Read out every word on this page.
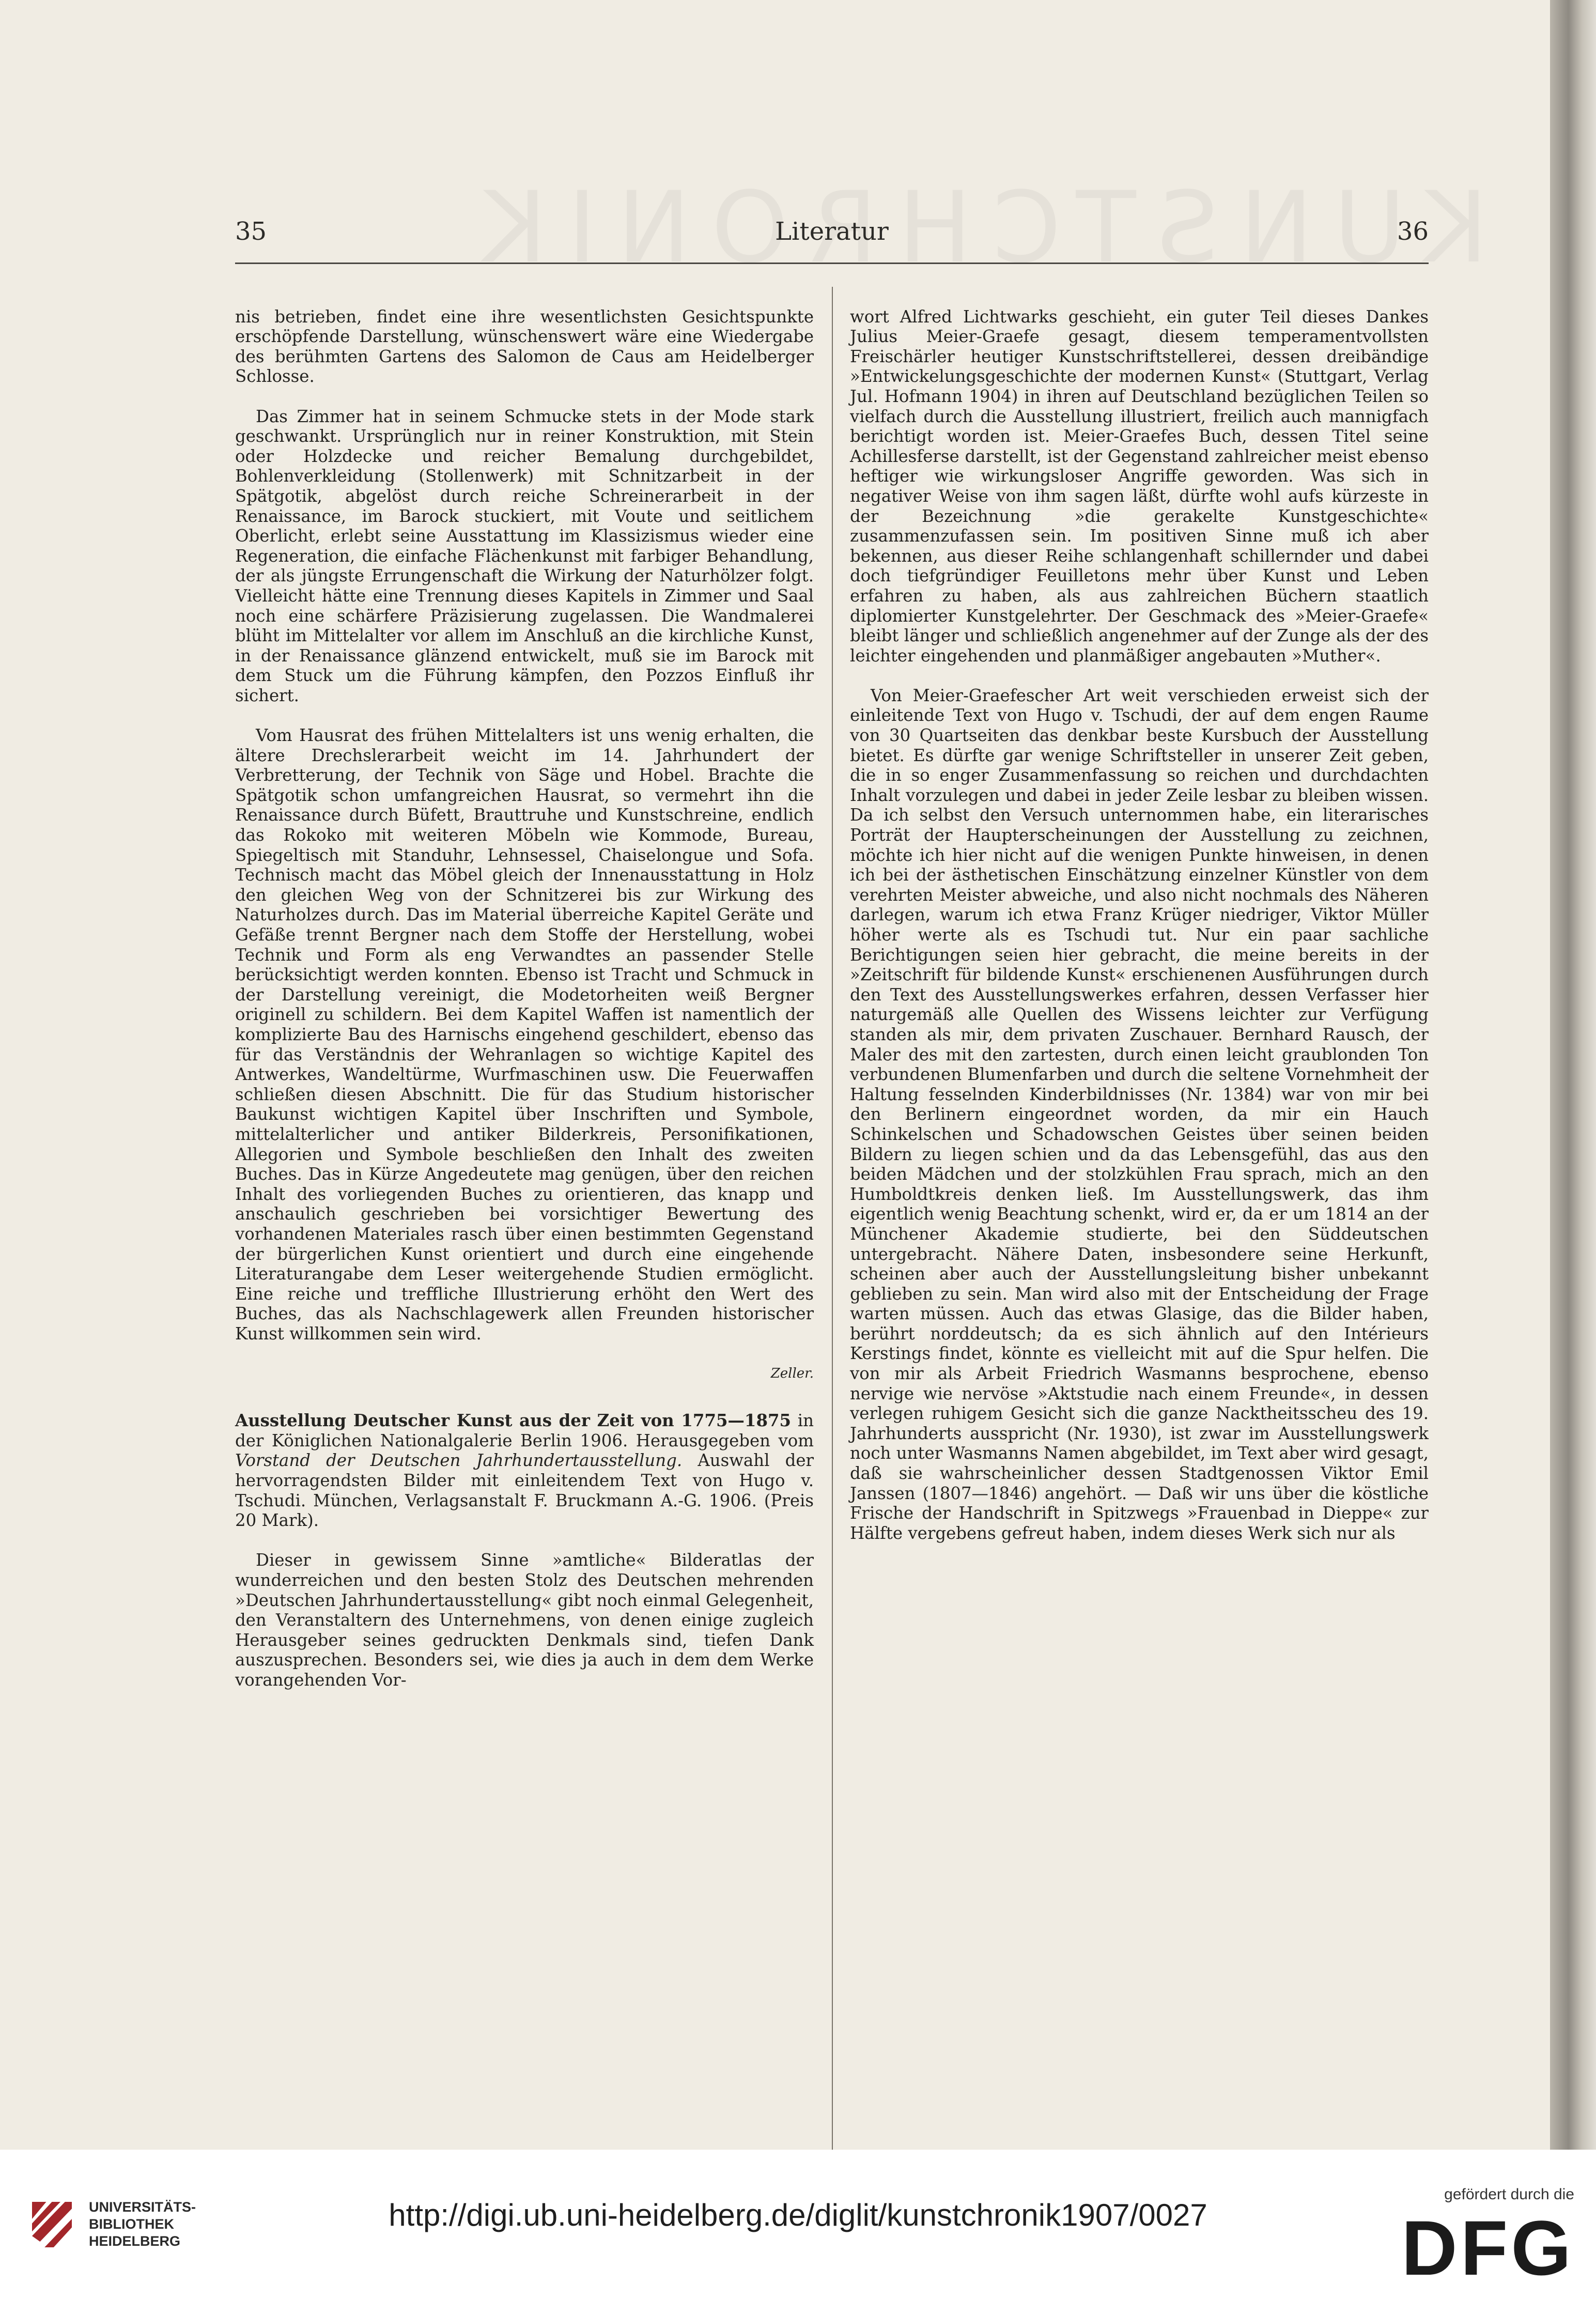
35	Literatur	36

nis betrieben, findet eine ihre wesentlichsten Gesichtspunkte erschöpfende Darstellung, wünschenswert wäre eine Wiedergabe des berühmten Gartens des Salomon de Caus am Heidelberger Schlosse.

Das Zimmer hat in seinem Schmucke stets in der Mode stark geschwankt. Ursprünglich nur in reiner Konstruktion, mit Stein oder Holzdecke und reicher Bemalung durchgebildet, Bohlenverkleidung (Stollenwerk) mit Schnitzarbeit in der Spätgotik, abgelöst durch reiche Schreinerarbeit in der Renaissance, im Barock stuckiert, mit Voute und seitlichem Oberlicht, erlebt seine Ausstattung im Klassizismus wieder eine Regeneration, die einfache Flächenkunst mit farbiger Behandlung, der als jüngste Errungenschaft die Wirkung der Naturhölzer folgt. Vielleicht hätte eine Trennung dieses Kapitels in Zimmer und Saal noch eine schärfere Präzisierung zugelassen. Die Wandmalerei blüht im Mittelalter vor allem im Anschluß an die kirchliche Kunst, in der Renaissance glänzend entwickelt, muß sie im Barock mit dem Stuck um die Führung kämpfen, den Pozzos Einfluß ihr sichert.

Vom Hausrat des frühen Mittelalters ist uns wenig erhalten, die ältere Drechslerarbeit weicht im 14. Jahrhundert der Verbretterung, der Technik von Säge und Hobel. Brachte die Spätgotik schon umfangreichen Hausrat, so vermehrt ihn die Renaissance durch Büfett, Brauttruhe und Kunstschreine, endlich das Rokoko mit weiteren Möbeln wie Kommode, Bureau, Spiegeltisch mit Standuhr, Lehnsessel, Chaiselongue und Sofa. Technisch macht das Möbel gleich der Innenausstattung in Holz den gleichen Weg von der Schnitzerei bis zur Wirkung des Naturholzes durch. Das im Material überreiche Kapitel Geräte und Gefäße trennt Bergner nach dem Stoffe der Herstellung, wobei Technik und Form als eng Verwandtes an passender Stelle berücksichtigt werden konnten. Ebenso ist Tracht und Schmuck in der Darstellung vereinigt, die Modetorheiten weiß Bergner originell zu schildern. Bei dem Kapitel Waffen ist namentlich der komplizierte Bau des Harnischs eingehend geschildert, ebenso das für das Verständnis der Wehranlagen so wichtige Kapitel des Antwerkes, Wandeltürme, Wurfmaschinen usw. Die Feuerwaffen schließen diesen Abschnitt. Die für das Studium historischer Baukunst wichtigen Kapitel über Inschriften und Symbole, mittelalterlicher und antiker Bilderkreis, Personifikationen, Allegorien und Symbole beschließen den Inhalt des zweiten Buches. Das in Kürze Angedeutete mag genügen, über den reichen Inhalt des vorliegenden Buches zu orientieren, das knapp und anschaulich geschrieben bei vorsichtiger Bewertung des vorhandenen Materiales rasch über einen bestimmten Gegenstand der bürgerlichen Kunst orientiert und durch eine eingehende Literaturangabe dem Leser weitergehende Studien ermöglicht. Eine reiche und treffliche Illustrierung erhöht den Wert des Buches, das als Nachschlagewerk allen Freunden historischer Kunst willkommen sein wird.

Zeller.

Ausstellung Deutscher Kunst aus der Zeit von 1775—1875 in der Königlichen Nationalgalerie Berlin 1906. Herausgegeben vom Vorstand der Deutschen Jahrhundertausstellung. Auswahl der hervorragendsten Bilder mit einleitendem Text von Hugo v. Tschudi. München, Verlagsanstalt F. Bruckmann A.-G. 1906. (Preis 20 Mark).

Dieser in gewissem Sinne »amtliche« Bilderatlas der wunderreichen und den besten Stolz des Deutschen mehrenden »Deutschen Jahrhundertausstellung« gibt noch einmal Gelegenheit, den Veranstaltern des Unternehmens, von denen einige zugleich Herausgeber seines gedruckten Denkmals sind, tiefen Dank auszusprechen. Besonders sei, wie dies ja auch in dem dem Werke vorangehenden Vor-

wort Alfred Lichtwarks geschieht, ein guter Teil dieses Dankes Julius Meier-Graefe gesagt, diesem temperamentvollsten Freischärler heutiger Kunstschriftstellerei, dessen dreibändige »Entwickelungsgeschichte der modernen Kunst« (Stuttgart, Verlag Jul. Hofmann 1904) in ihren auf Deutschland bezüglichen Teilen so vielfach durch die Ausstellung illustriert, freilich auch mannigfach berichtigt worden ist. Meier-Graefes Buch, dessen Titel seine Achillesferse darstellt, ist der Gegenstand zahlreicher meist ebenso heftiger wie wirkungsloser Angriffe geworden. Was sich in negativer Weise von ihm sagen läßt, dürfte wohl aufs kürzeste in der Bezeichnung »die gerakelte Kunstgeschichte« zusammenzufassen sein. Im positiven Sinne muß ich aber bekennen, aus dieser Reihe schlangenhaft schillernder und dabei doch tiefgründiger Feuilletons mehr über Kunst und Leben erfahren zu haben, als aus zahlreichen Büchern staatlich diplomierter Kunstgelehrter. Der Geschmack des »Meier-Graefe« bleibt länger und schließlich angenehmer auf der Zunge als der des leichter eingehenden und planmäßiger angebauten »Muther«.

Von Meier-Graefescher Art weit verschieden erweist sich der einleitende Text von Hugo v. Tschudi, der auf dem engen Raume von 30 Quartseiten das denkbar beste Kursbuch der Ausstellung bietet. Es dürfte gar wenige Schriftsteller in unserer Zeit geben, die in so enger Zusammenfassung so reichen und durchdachten Inhalt vorzulegen und dabei in jeder Zeile lesbar zu bleiben wissen. Da ich selbst den Versuch unternommen habe, ein literarisches Porträt der Haupterscheinungen der Ausstellung zu zeichnen, möchte ich hier nicht auf die wenigen Punkte hinweisen, in denen ich bei der ästhetischen Einschätzung einzelner Künstler von dem verehrten Meister abweiche, und also nicht nochmals des Näheren darlegen, warum ich etwa Franz Krüger niedriger, Viktor Müller höher werte als es Tschudi tut. Nur ein paar sachliche Berichtigungen seien hier gebracht, die meine bereits in der »Zeitschrift für bildende Kunst« erschienenen Ausführungen durch den Text des Ausstellungswerkes erfahren, dessen Verfasser hier naturgemäß alle Quellen des Wissens leichter zur Verfügung standen als mir, dem privaten Zuschauer. Bernhard Rausch, der Maler des mit den zartesten, durch einen leicht graublonden Ton verbundenen Blumenfarben und durch die seltene Vornehmheit der Haltung fesselnden Kinderbildnisses (Nr. 1384) war von mir bei den Berlinern eingeordnet worden, da mir ein Hauch Schinkelschen und Schadowschen Geistes über seinen beiden Bildern zu liegen schien und da das Lebensgefühl, das aus den beiden Mädchen und der stolzkühlen Frau sprach, mich an den Humboldtkreis denken ließ. Im Ausstellungswerk, das ihm eigentlich wenig Beachtung schenkt, wird er, da er um 1814 an der Münchener Akademie studierte, bei den Süddeutschen untergebracht. Nähere Daten, insbesondere seine Herkunft, scheinen aber auch der Ausstellungsleitung bisher unbekannt geblieben zu sein. Man wird also mit der Entscheidung der Frage warten müssen. Auch das etwas Glasige, das die Bilder haben, berührt norddeutsch; da es sich ähnlich auf den Intérieurs Kerstings findet, könnte es vielleicht mit auf die Spur helfen. Die von mir als Arbeit Friedrich Wasmanns besprochene, ebenso nervige wie nervöse »Aktstudie nach einem Freunde«, in dessen verlegen ruhigem Gesicht sich die ganze Nacktheitsscheu des 19. Jahrhunderts ausspricht (Nr. 1930), ist zwar im Ausstellungswerk noch unter Wasmanns Namen abgebildet, im Text aber wird gesagt, daß sie wahrscheinlicher dessen Stadtgenossen Viktor Emil Janssen (1807—1846) angehört. — Daß wir uns über die köstliche Frische der Handschrift in Spitzwegs »Frauenbad in Dieppe« zur Hälfte vergebens gefreut haben, indem dieses Werk sich nur als

UNIVERSITÄTS-
BIBLIOTHEK
HEIDELBERG
http://digi.ub.uni-heidelberg.de/diglit/kunstchronik1907/0027
gefördert durch die
DFG
